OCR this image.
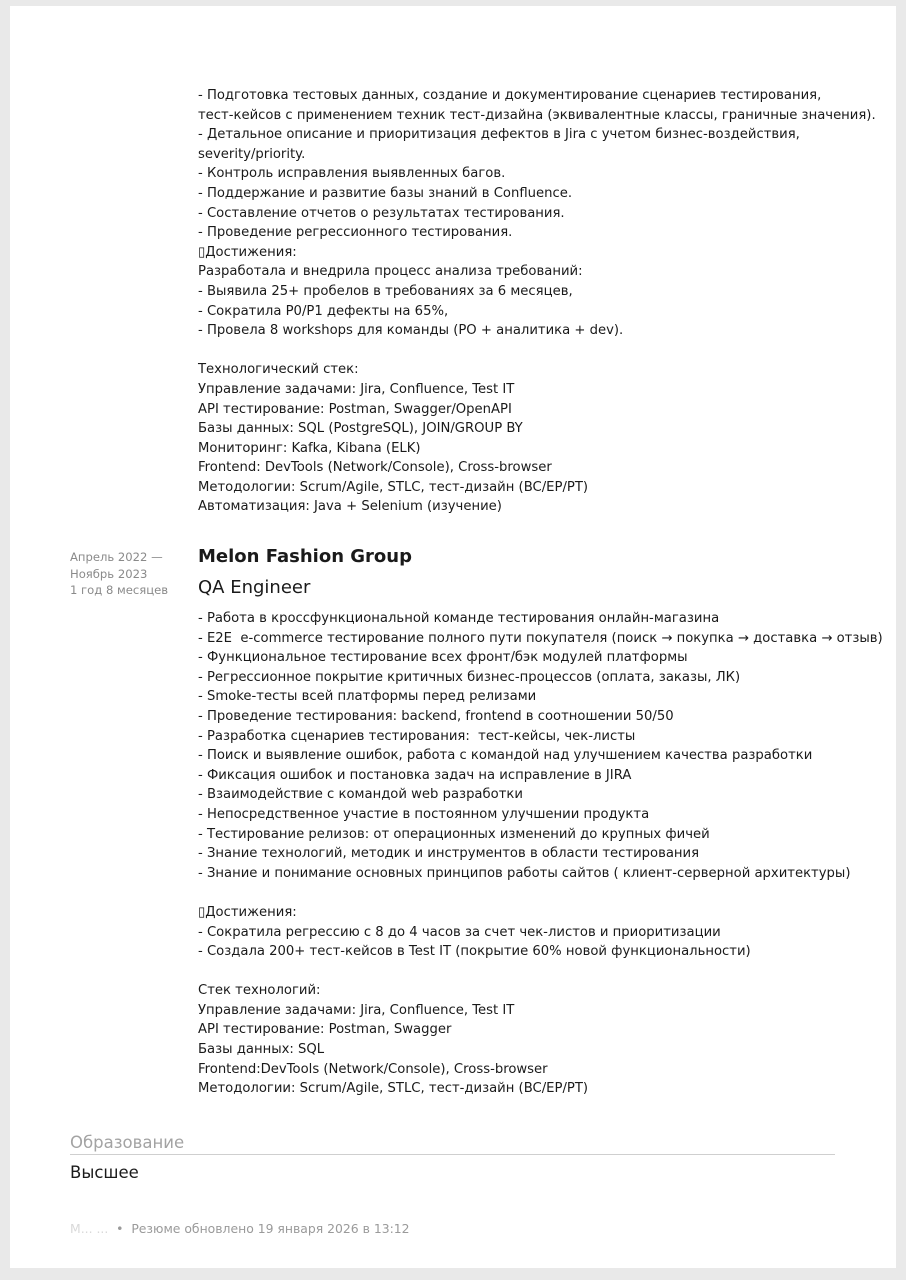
- Подготовка тестовых данных, создание и документирование сценариев тестирования,
тест-кейсов с применением техник тест-дизайна (эквивалентные классы, граничные значения).
- Детальное описание и приоритизация дефектов в Jira с учетом бизнес-воздействия,
severity/priority.
- Контроль исправления выявленных багов.
- Поддержание и развитие базы знаний в Confluence.
- Составление отчетов о результатах тестирования.
- Проведение регрессионного тестирования.
▯Достижения:
Разработала и внедрила процесс анализа требований:
- Выявила 25+ пробелов в требованиях за 6 месяцев,
- Сократила P0/P1 дефекты на 65%,
- Провела 8 workshops для команды (PO + аналитика + dev).
Технологический стек:
Управление задачами: Jira, Confluence, Test IT
API тестирование: Postman, Swagger/OpenAPI
Базы данных: SQL (PostgreSQL), JOIN/GROUP BY
Мониторинг: Kafka, Kibana (ELK)
Frontend: DevTools (Network/Console), Cross-browser
Методологии: Scrum/Agile, STLC, тест-дизайн (BC/EP/PT)
Автоматизация: Java + Selenium (изучение)
Апрель 2022 —
Ноябрь 2023
1 год 8 месяцев
Melon Fashion Group
QA Engineer
- Работа в кроссфункциональной команде тестирования онлайн-магазина
- E2E  e-commerce тестирование полного пути покупателя (поиск → покупка → доставка → отзыв)
- Функциональное тестирование всех фронт/бэк модулей платформы
- Регрессионное покрытие критичных бизнес-процессов (оплата, заказы, ЛК)
- Smoke-тесты всей платформы перед релизами
- Проведение тестирования: backend, frontend в соотношении 50/50
- Разработка сценариев тестирования:  тест-кейсы, чек-листы
- Поиск и выявление ошибок, работа с командой над улучшением качества разработки
- Фиксация ошибок и постановка задач на исправление в JIRA
- Взаимодействие с командой web разработки
- Непосредственное участие в постоянном улучшении продукта
- Тестирование релизов: от операционных изменений до крупных фичей
- Знание технологий, методик и инструментов в области тестирования
- Знание и понимание основных принципов работы сайтов ( клиент-серверной архитектуры)
▯Достижения:
- Сократила регрессию с 8 до 4 часов за счет чек-листов и приоритизации
- Создала 200+ тест-кейсов в Test IT (покрытие 60% новой функциональности)
Стек технологий:
Управление задачами: Jira, Confluence, Test IT
API тестирование: Postman, Swagger
Базы данных: SQL
Frontend:DevTools (Network/Console), Cross-browser
Методологии: Scrum/Agile, STLC, тест-дизайн (BC/EP/PT)
Образование
Высшее
М... ...  •  Резюме обновлено 19 января 2026 в 13:12
